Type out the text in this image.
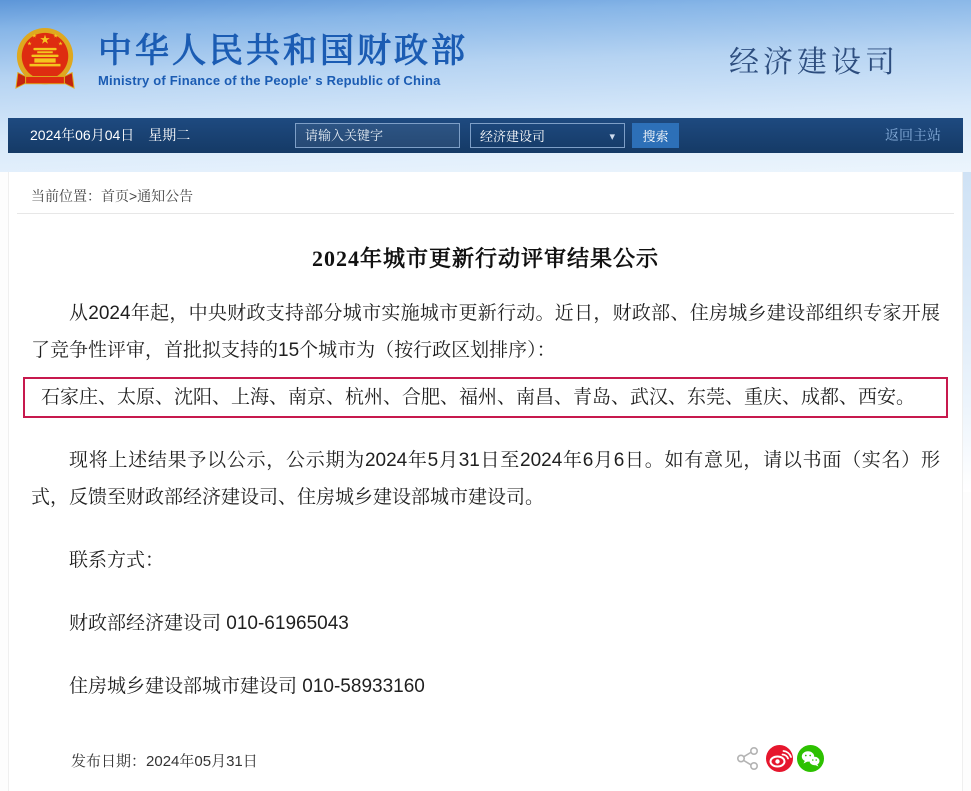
中华人民共和国财政部
Ministry of Finance of the People' s Republic of China
经济建设司
2024年06月04日　星期二
请输入关键字	经济建设司 ▾	搜索	返回主站
当前位置：首页>通知公告
2024年城市更新行动评审结果公示

从2024年起，中央财政支持部分城市实施城市更新行动。近日，财政部、住房城乡建设部组织专家开展了竞争性评审，首批拟支持的15个城市为（按行政区划排序）：

石家庄、太原、沈阳、上海、南京、杭州、合肥、福州、南昌、青岛、武汉、东莞、重庆、成都、西安。

现将上述结果予以公示，公示期为2024年5月31日至2024年6月6日。如有意见，请以书面（实名）形式，反馈至财政部经济建设司、住房城乡建设部城市建设司。

联系方式：

财政部经济建设司 010-61965043

住房城乡建设部城市建设司 010-58933160

发布日期：2024年05月31日
